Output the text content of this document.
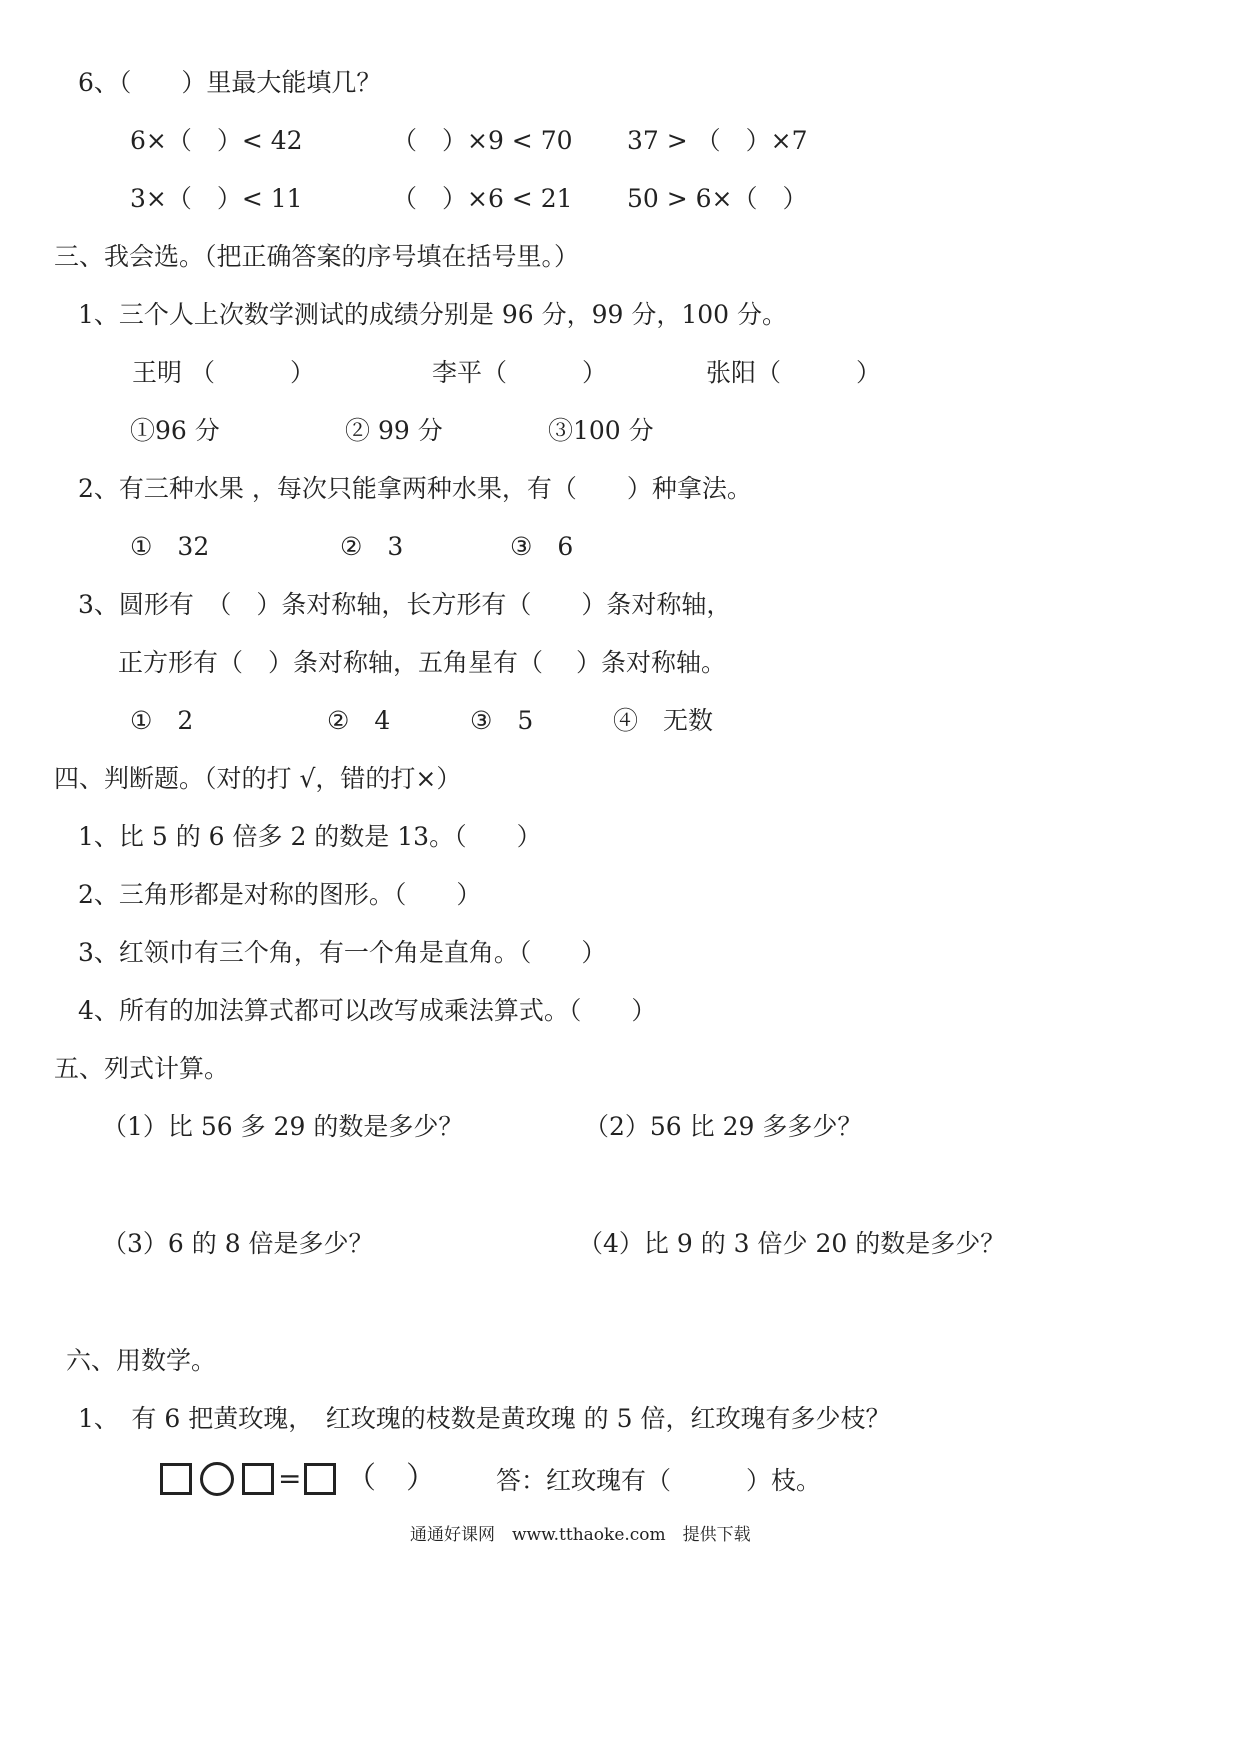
6、（　　）里最大能填几？
6×（　）< 42	（　）×9 < 70 37 > （　）×7
3×（　）< 11	（　）×6 < 21 50 > 6×（　）
三、我会选。（把正确答案的序号填在括号里。）
1、三个人上次数学测试的成绩分别是 96 分，99 分，100 分。
王明 （　　　）	李平（　　　）	张阳（　　　）
①96 分	② 99 分	③100 分
2、有三种水果 ，每次只能拿两种水果，有（　　）种拿法。
①　32	②　3	③　6
3、圆形有　（　）条对称轴，长方形有（　　）条对称轴，
正方形有（　）条对称轴，五角星有（　 ）条对称轴。
①　2	②　4	③　5	④　无数
四、判断题。（对的打 √，错的打×）
1、比 5 的 6 倍多 2 的数是 13。（　　）
2、三角形都是对称的图形。（　　）
3、红领巾有三个角，有一个角是直角。（　　）
4、所有的加法算式都可以改写成乘法算式。（　　）
五、列式计算。
（1）比 56 多 29 的数是多少？	（2）56 比 29 多多少？
（3）6 的 8 倍是多少？	（4）比 9 的 3 倍少 20 的数是多少？
六、用数学。
1、　有 6 把黄玫瑰，　红玫瑰的枝数是黄玫瑰 的 5 倍，红玫瑰有多少枝？
= （　） 答：红玫瑰有（　　　）枝。
通通好课网　www.tthaoke.com　提供下载
